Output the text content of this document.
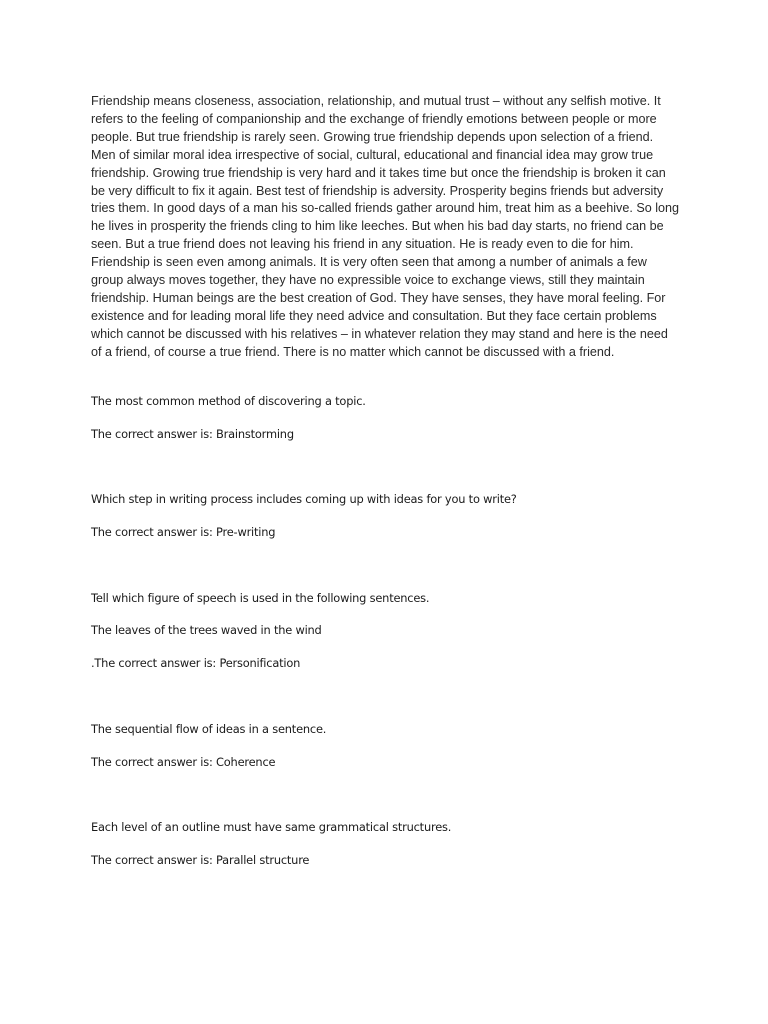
Friendship means closeness, association, relationship, and mutual trust – without any selfish motive. It refers to the feeling of companionship and the exchange of friendly emotions between people or more people. But true friendship is rarely seen. Growing true friendship depends upon selection of a friend. Men of similar moral idea irrespective of social, cultural, educational and financial idea may grow true friendship. Growing true friendship is very hard and it takes time but once the friendship is broken it can be very difficult to fix it again. Best test of friendship is adversity. Prosperity begins friends but adversity tries them. In good days of a man his so-called friends gather around him, treat him as a beehive. So long he lives in prosperity the friends cling to him like leeches. But when his bad day starts, no friend can be seen. But a true friend does not leaving his friend in any situation. He is ready even to die for him. Friendship is seen even among animals. It is very often seen that among a number of animals a few group always moves together, they have no expressible voice to exchange views, still they maintain friendship. Human beings are the best creation of God. They have senses, they have moral feeling. For existence and for leading moral life they need advice and consultation. But they face certain problems which cannot be discussed with his relatives – in whatever relation they may stand and here is the need of a friend, of course a true friend. There is no matter which cannot be discussed with a friend.

The most common method of discovering a topic.

The correct answer is: Brainstorming

Which step in writing process includes coming up with ideas for you to write?

The correct answer is: Pre-writing

Tell which figure of speech is used in the following sentences.

The leaves of the trees waved in the wind

.The correct answer is: Personification

The sequential flow of ideas in a sentence.

The correct answer is: Coherence

Each level of an outline must have same grammatical structures.

The correct answer is: Parallel structure
